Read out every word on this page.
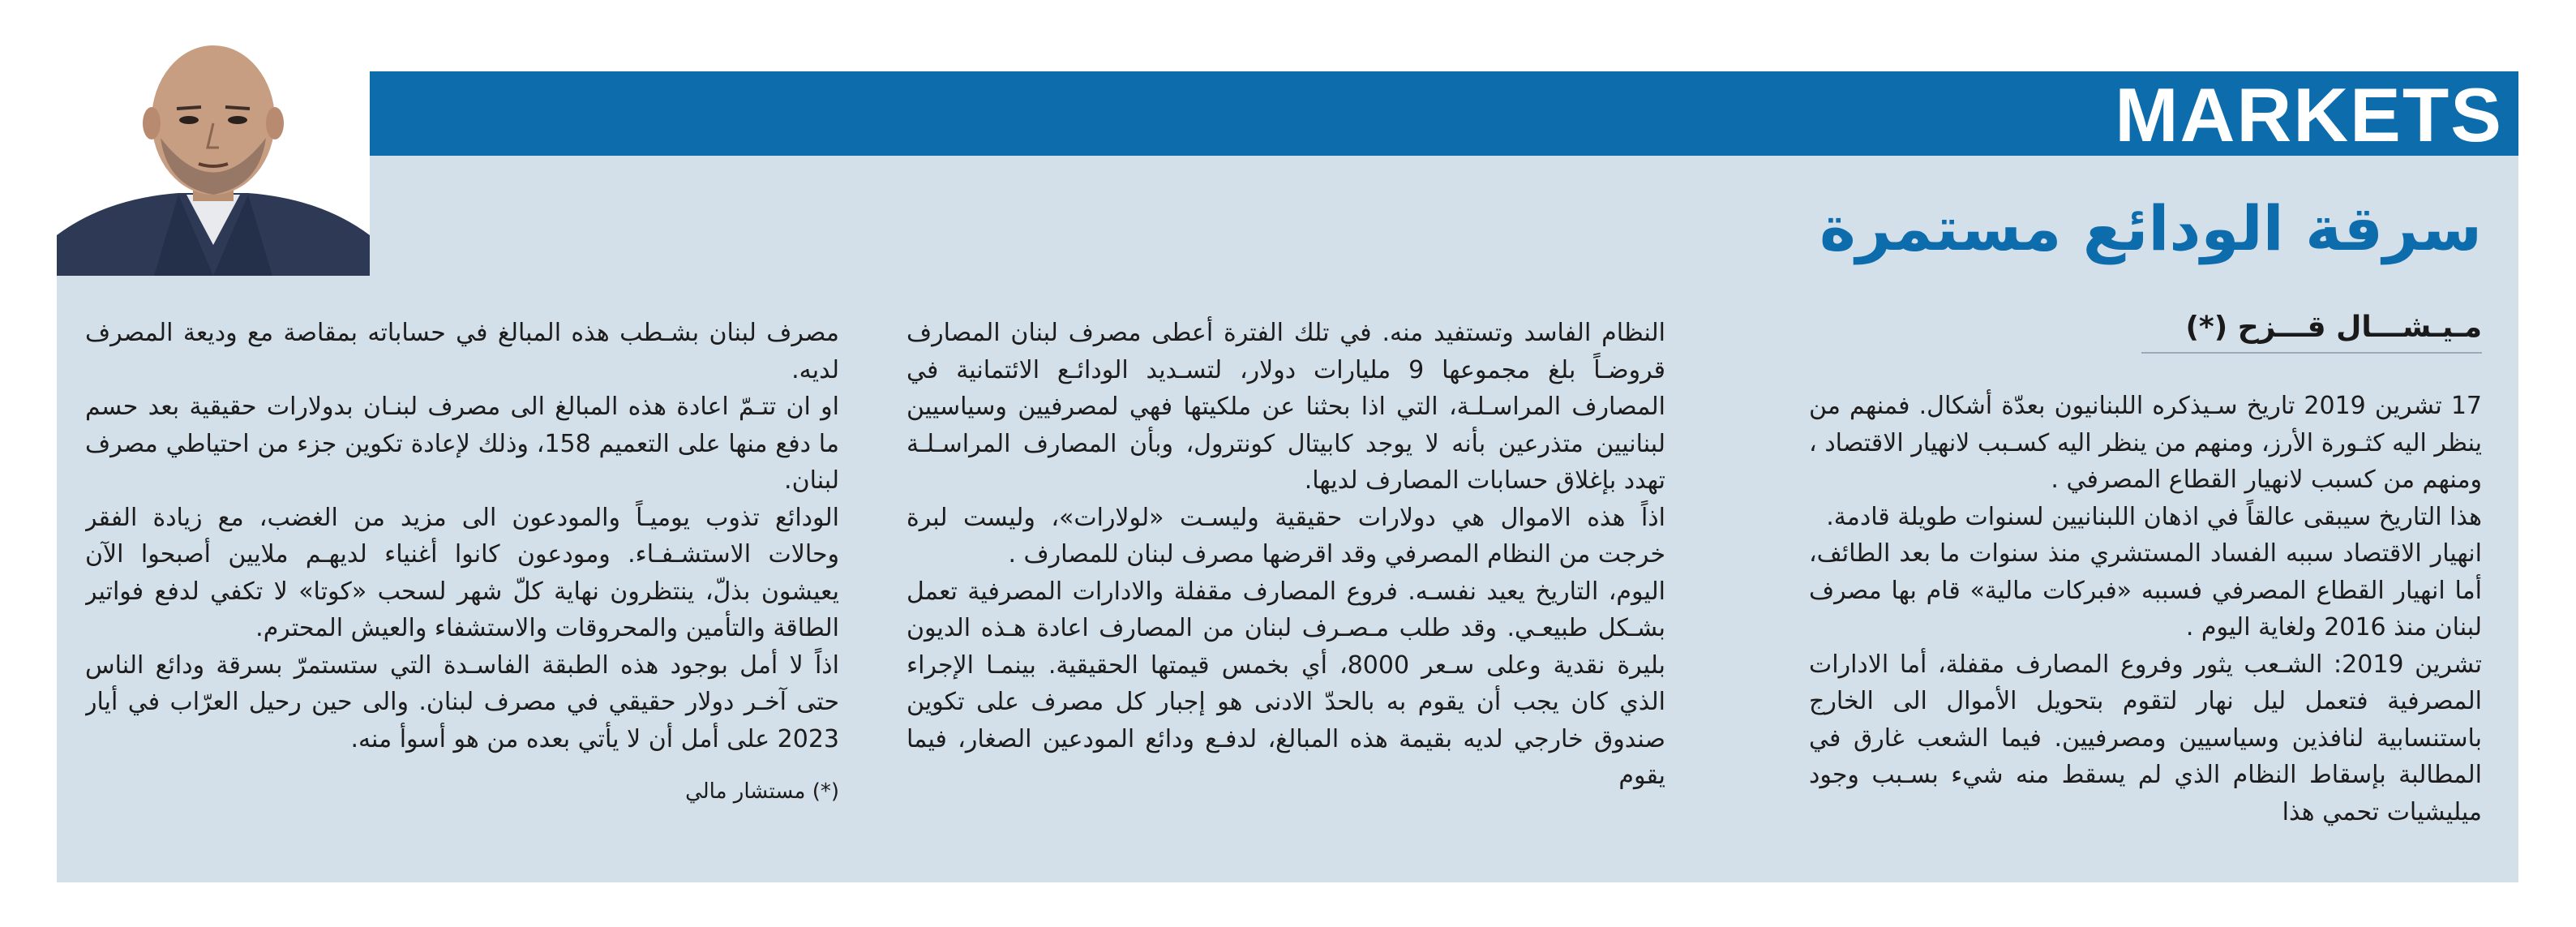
MARKETS
سرقة الودائع مستمرة
مـيـشـــال قـــزح (*)

17 تشرين 2019 تاريخ سـيذكره اللبنانيون بعدّة أشكال. فمنهم من ينظر اليه كثـورة الأرز، ومنهم من ينظر اليه كسـبب لانهيار الاقتصاد ، ومنهم من كسبب لانهيار القطاع المصرفي .

هذا التاريخ سيبقى عالقاً في اذهان اللبنانيين لسنوات طويلة قادمة.

انهيار الاقتصاد سببه الفساد المستشري منذ سنوات ما بعد الطائف، أما انهيار القطاع المصرفي فسببه «فبركات مالية» قام بها مصرف لبنان منذ 2016 ولغاية اليوم .

تشرين 2019: الشـعب يثور وفروع المصارف مقفلة، أما الادارات المصرفية فتعمل ليل نهار لتقوم بتحويل الأموال الى الخارج باستنسابية لنافذين وسياسيين ومصرفيين. فيما الشعب غارق في المطالبة بإسقاط النظام الذي لم يسقط منه شيء بسـبب وجود ميليشيات تحمي هذا

النظام الفاسد وتستفيد منه. في تلك الفترة أعطى مصرف لبنان المصارف قروضـاً بلغ مجموعها 9 مليارات دولار، لتسـديد الودائـع الائتمانية في المصارف المراسـلـة، التي اذا بحثنا عن ملكيتها فهي لمصرفيين وسياسيين لبنانيين متذرعين بأنه لا يوجد كابيتال كونترول، وبأن المصارف المراسـلـة تهدد بإغلاق حسابات المصارف لديها.

اذاً هذه الاموال هي دولارات حقيقية وليسـت «لولارات»، وليست لبرة خرجت من النظام المصرفي وقد اقرضها مصرف لبنان للمصارف .

اليوم، التاريخ يعيد نفسـه. فروع المصارف مقفلة والادارات المصرفية تعمل بشـكل طبيعـي. وقد طلب مـصـرف لبنان من المصارف اعادة هـذه الديون بليرة نقدية وعلى سـعر 8000، أي بخمس قيمتها الحقيقية. بينمـا الإجراء الذي كان يجب أن يقوم به بالحدّ الادنى هو إجبار كل مصرف على تكوين صندوق خارجي لديه بقيمة هذه المبالغ، لدفـع ودائع المودعين الصغار، فيما يقوم

مصرف لبنان بشـطب هذه المبالغ في حساباته بمقاصة مع وديعة المصرف لديه.

او ان تتـمّ اعادة هذه المبالغ الى مصرف لبنـان بدولارات حقيقية بعد حسم ما دفع منها على التعميم 158، وذلك لإعادة تكوين جزء من احتياطي مصرف لبنان.

الودائع تذوب يوميـاً والمودعون الى مزيد من الغضب، مع زيادة الفقر وحالات الاستشـفـاء. ومودعون كانوا أغنياء لديهـم ملايين أصبحوا الآن يعيشون بذلّ، ينتظرون نهاية كلّ شهر لسحب «كوتا» لا تكفي لدفع فواتير الطاقة والتأمين والمحروقات والاستشفاء والعيش المحترم.

اذاً لا أمل بوجود هذه الطبقة الفاسـدة التي ستستمرّ بسرقة ودائع الناس حتى آخـر دولار حقيقي في مصرف لبنان. والى حين رحيل العرّاب في أيار 2023 على أمل أن لا يأتي بعده من هو أسوأ منه.

(*) مستشار مالي
